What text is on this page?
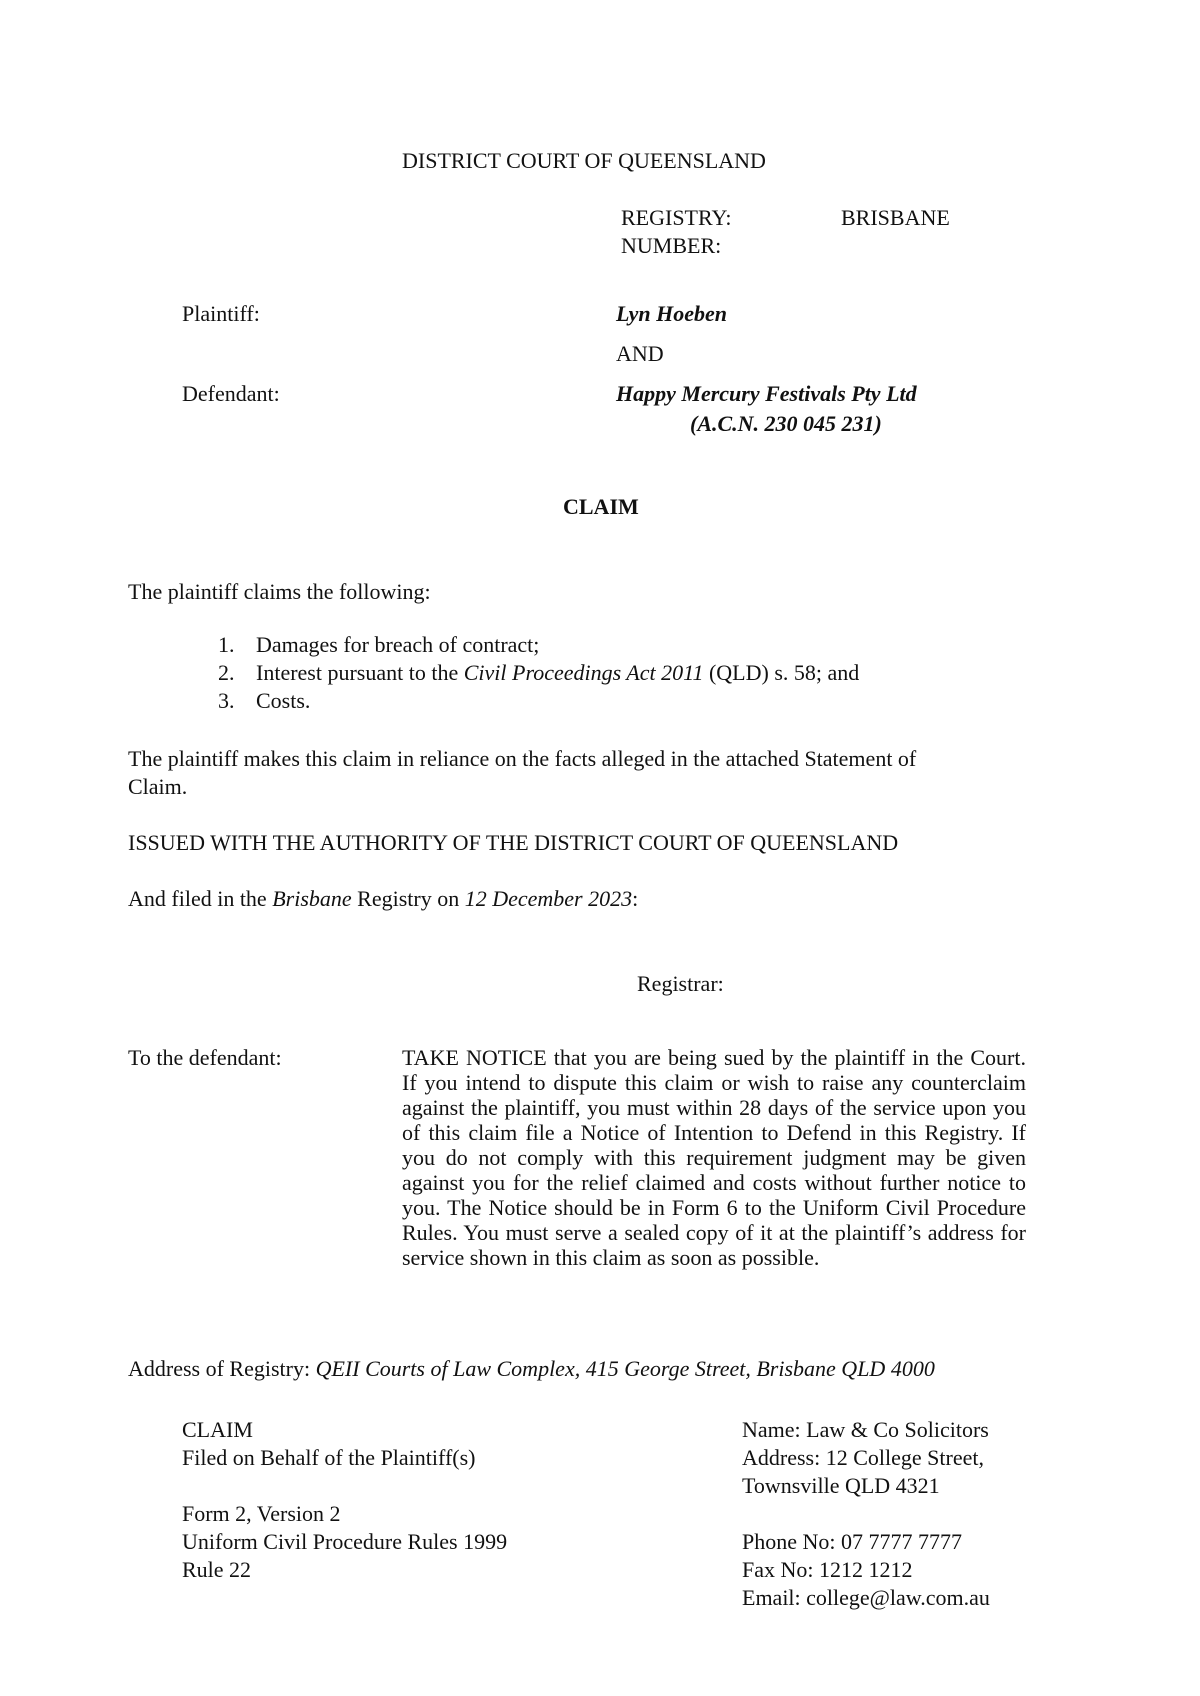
DISTRICT COURT OF QUEENSLAND
REGISTRY:	BRISBANE
NUMBER:
Plaintiff:	Lyn Hoeben
AND
Defendant:	Happy Mercury Festivals Pty Ltd
(A.C.N. 230 045 231)
CLAIM
The plaintiff claims the following:
1. Damages for breach of contract;
2. Interest pursuant to the Civil Proceedings Act 2011 (QLD) s. 58; and
3. Costs.
The plaintiff makes this claim in reliance on the facts alleged in the attached Statement of
Claim.
ISSUED WITH THE AUTHORITY OF THE DISTRICT COURT OF QUEENSLAND
And filed in the Brisbane Registry on 12 December 2023:
Registrar:
To the defendant:	TAKE NOTICE that you are being sued by the plaintiff in the Court. If you intend to dispute this claim or wish to raise any counterclaim against the plaintiff, you must within 28 days of the service upon you of this claim file a Notice of Intention to Defend in this Registry. If you do not comply with this requirement judgment may be given against you for the relief claimed and costs without further notice to you. The Notice should be in Form 6 to the Uniform Civil Procedure Rules. You must serve a sealed copy of it at the plaintiff’s address for service shown in this claim as soon as possible.
Address of Registry: QEII Courts of Law Complex, 415 George Street, Brisbane QLD 4000
CLAIM
Filed on Behalf of the Plaintiff(s)
Form 2, Version 2
Uniform Civil Procedure Rules 1999
Rule 22
Name: Law & Co Solicitors
Address: 12 College Street,
Townsville QLD 4321
Phone No: 07 7777 7777
Fax No: 1212 1212
Email: college@law.com.au
